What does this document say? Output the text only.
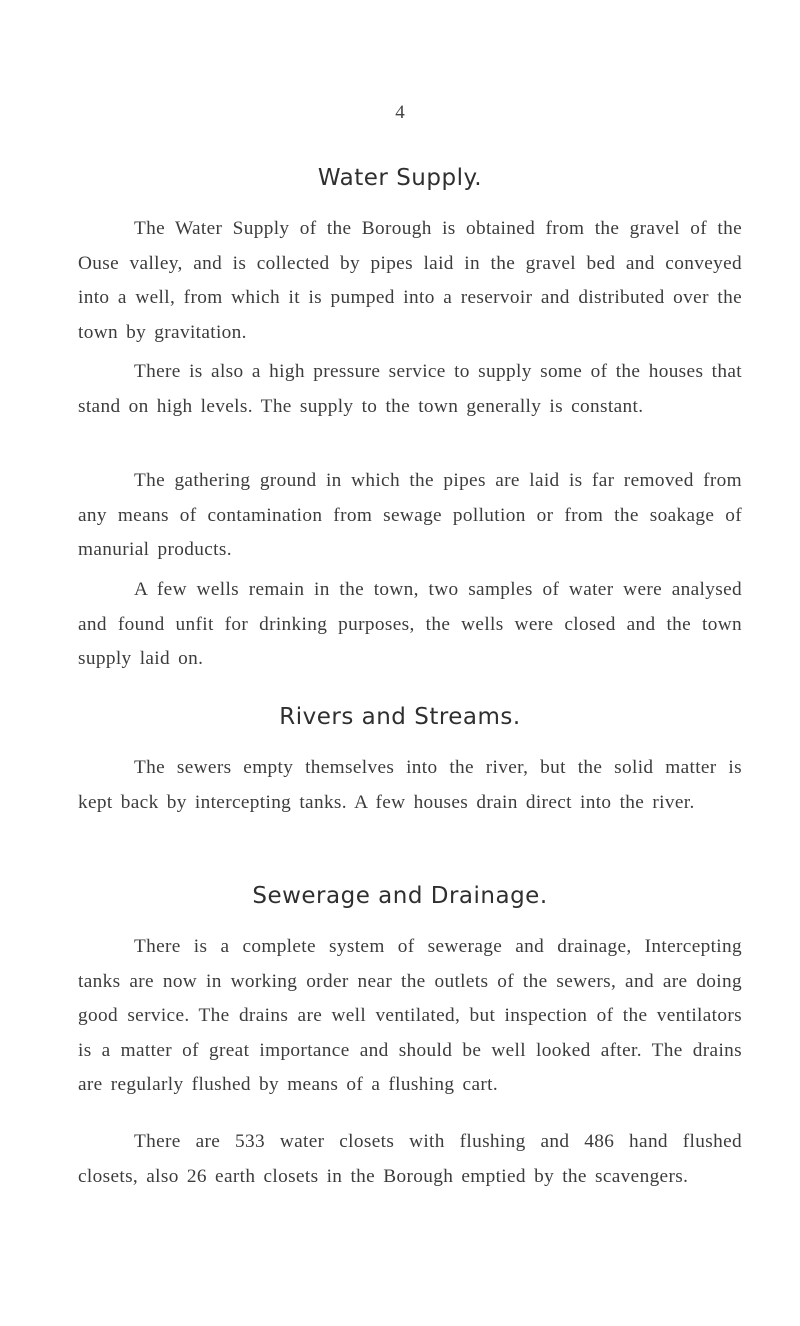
4
Water Supply.

The Water Supply of the Borough is obtained from the gravel of the Ouse valley, and is collected by pipes laid in the gravel bed and conveyed into a well, from which it is pumped into a reservoir and distributed over the town by gravitation.

There is also a high pressure service to supply some of the houses that stand on high levels. The supply to the town generally is constant.

The gathering ground in which the pipes are laid is far removed from any means of contamination from sewage pollution or from the soakage of manurial products.

A few wells remain in the town, two samples of water were analysed and found unfit for drinking purposes, the wells were closed and the town supply laid on.

Rivers and Streams.

The sewers empty themselves into the river, but the solid matter is kept back by intercepting tanks. A few houses drain direct into the river.

Sewerage and Drainage.

There is a complete system of sewerage and drainage, Intercepting tanks are now in working order near the outlets of the sewers, and are doing good service. The drains are well ventilated, but inspection of the ventilators is a matter of great importance and should be well looked after. The drains are regularly flushed by means of a flushing cart.

There are 533 water closets with flushing and 486 hand flushed closets, also 26 earth closets in the Borough emptied by the scavengers.
